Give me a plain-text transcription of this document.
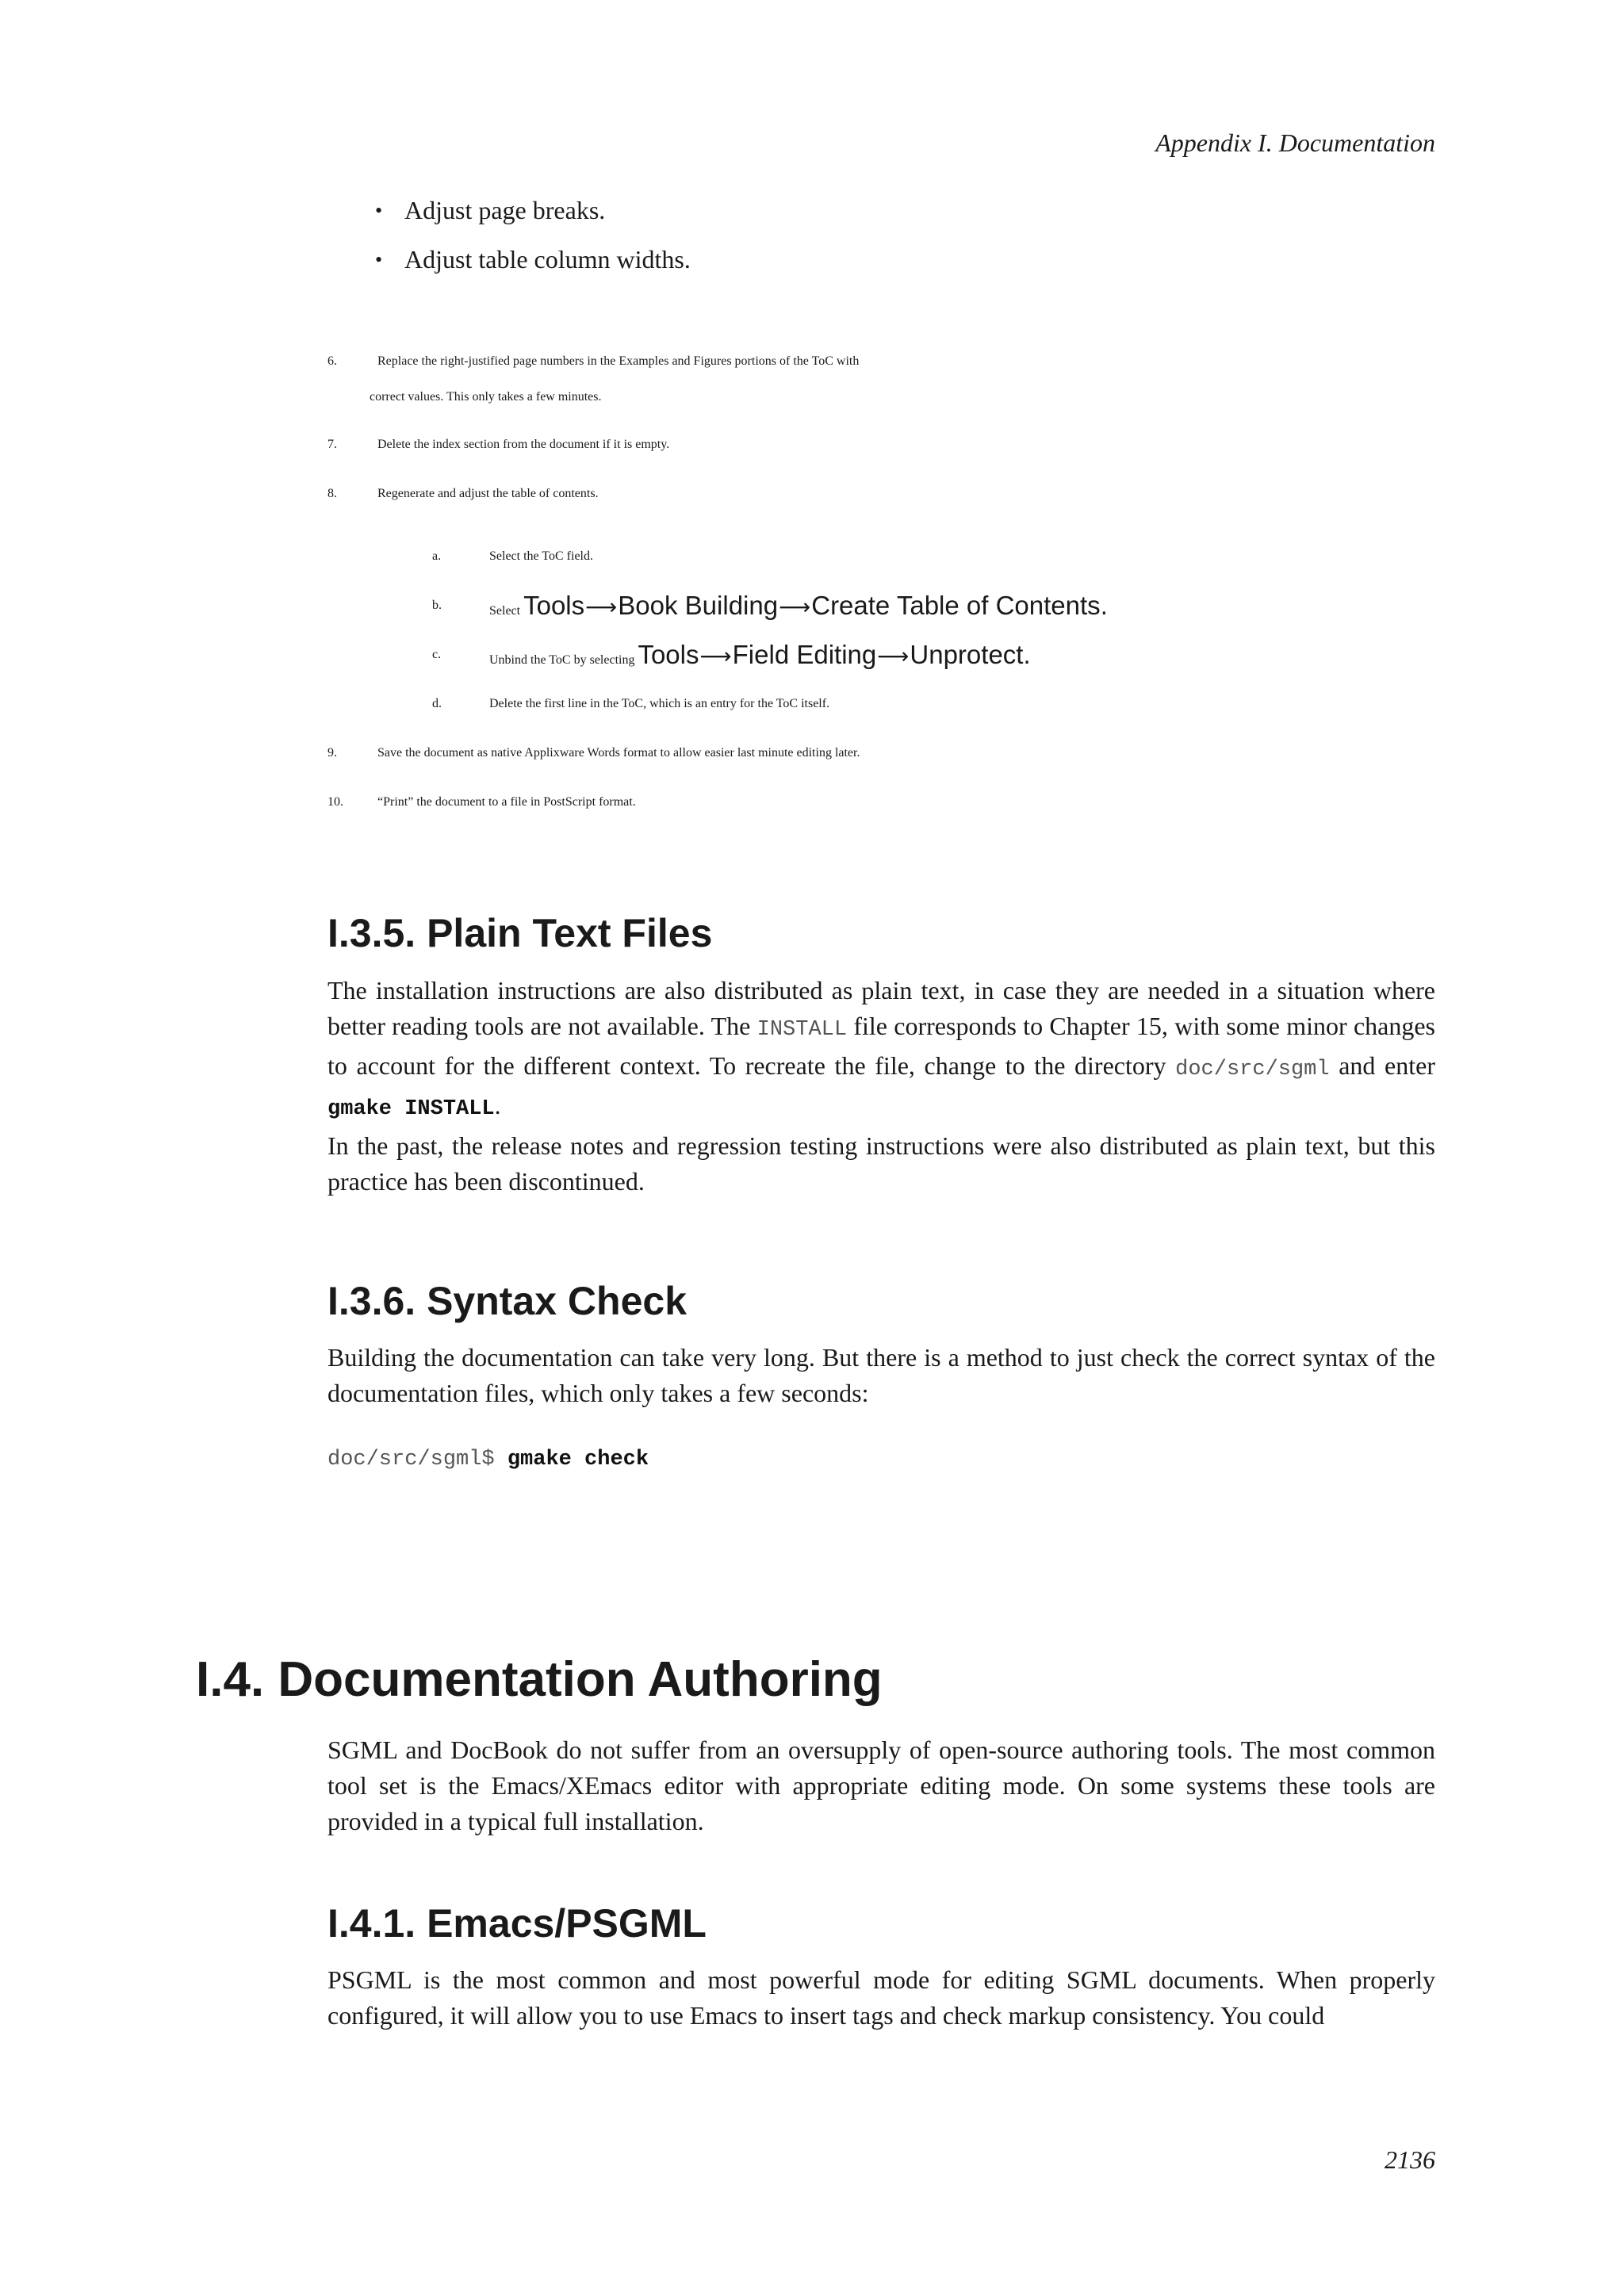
Appendix I. Documentation
• Adjust page breaks.
• Adjust table column widths.
6.	Replace the right-justified page numbers in the Examples and Figures portions of the ToC with
correct values. This only takes a few minutes.
7.	Delete the index section from the document if it is empty.
8.	Regenerate and adjust the table of contents.
a.	Select the ToC field.
b.	Select Tools⟶Book Building⟶Create Table of Contents.
c.	Unbind the ToC by selecting Tools⟶Field Editing⟶Unprotect.
d.	Delete the first line in the ToC, which is an entry for the ToC itself.
9.	Save the document as native Applixware Words format to allow easier last minute editing later.
10.	“Print” the document to a file in PostScript format.
I.3.5. Plain Text Files

The installation instructions are also distributed as plain text, in case they are needed in a situation where better reading tools are not available. The INSTALL file corresponds to Chapter 15, with some minor changes to account for the different context. To recreate the file, change to the directory doc/src/sgml and enter gmake INSTALL.

In the past, the release notes and regression testing instructions were also distributed as plain text, but this practice has been discontinued.

I.3.6. Syntax Check

Building the documentation can take very long. But there is a method to just check the correct syntax of the documentation files, which only takes a few seconds:

doc/src/sgml$ gmake check
I.4. Documentation Authoring

SGML and DocBook do not suffer from an oversupply of open-source authoring tools. The most common tool set is the Emacs/XEmacs editor with appropriate editing mode. On some systems these tools are provided in a typical full installation.

I.4.1. Emacs/PSGML

PSGML is the most common and most powerful mode for editing SGML documents. When properly configured, it will allow you to use Emacs to insert tags and check markup consistency. You could

2136
